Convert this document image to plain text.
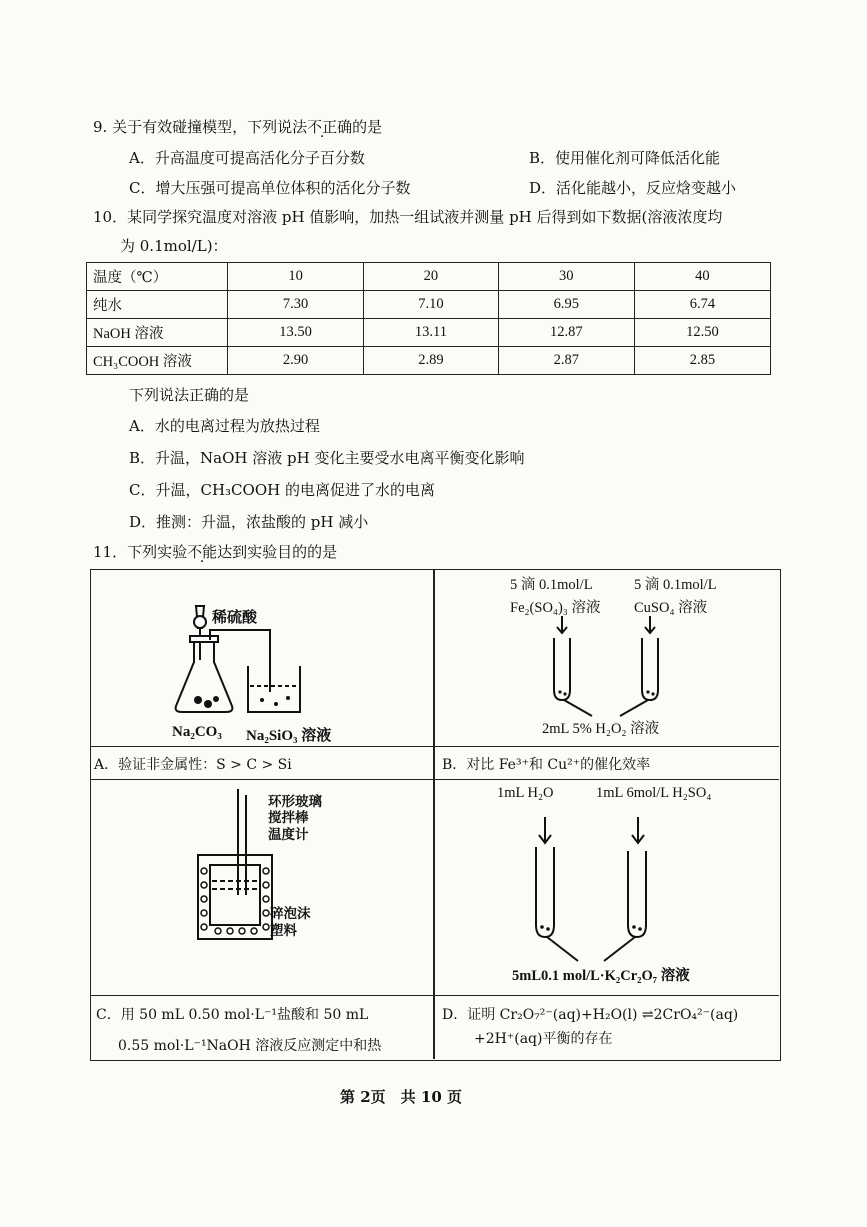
9. 关于有效碰撞模型，下列说法不正确的是
A．升高温度可提高活化分子百分数	B．使用催化剂可降低活化能
C．增大压强可提高单位体积的活化分子数	D．活化能越小，反应焓变越小
10．某同学探究温度对溶液 pH 值影响，加热一组试液并测量 pH 后得到如下数据(溶液浓度均
为 0.1mol/L)：
温度（℃）	10	20	30	40
纯水	7.30	7.10	6.95	6.74
NaOH 溶液	13.50	13.11	12.87	12.50
CH₃COOH 溶液	2.90	2.89	2.87	2.85
下列说法正确的是
A．水的电离过程为放热过程
B．升温，NaOH 溶液 pH 变化主要受水电离平衡变化影响
C．升温，CH₃COOH 的电离促进了水的电离
D．推测：升温，浓盐酸的 pH 减小
11．下列实验不能达到实验目的的是
稀硫酸
Na₂CO₃ Na₂SiO₃ 溶液
A．验证非金属性：S > C > Si
5 滴 0.1mol/L
Fe₂(SO₄)₃ 溶液
5 滴 0.1mol/L
CuSO₄ 溶液
2mL 5% H₂O₂ 溶液
B．对比 Fe³⁺和 Cu²⁺的催化效率
环形玻璃
搅拌棒
温度计
碎泡沫
塑料
C．用 50 mL 0.50 mol·L⁻¹盐酸和 50 mL
0.55 mol·L⁻¹NaOH 溶液反应测定中和热
1mL H₂O	1mL 6mol/L H₂SO₄
5mL0.1 mol/L·K₂Cr₂O₇ 溶液
D．证明 Cr₂O₇²⁻(aq)+H₂O(l) ⇌2CrO₄²⁻(aq)
+2H⁺(aq)平衡的存在
第 2页　共 10 页
